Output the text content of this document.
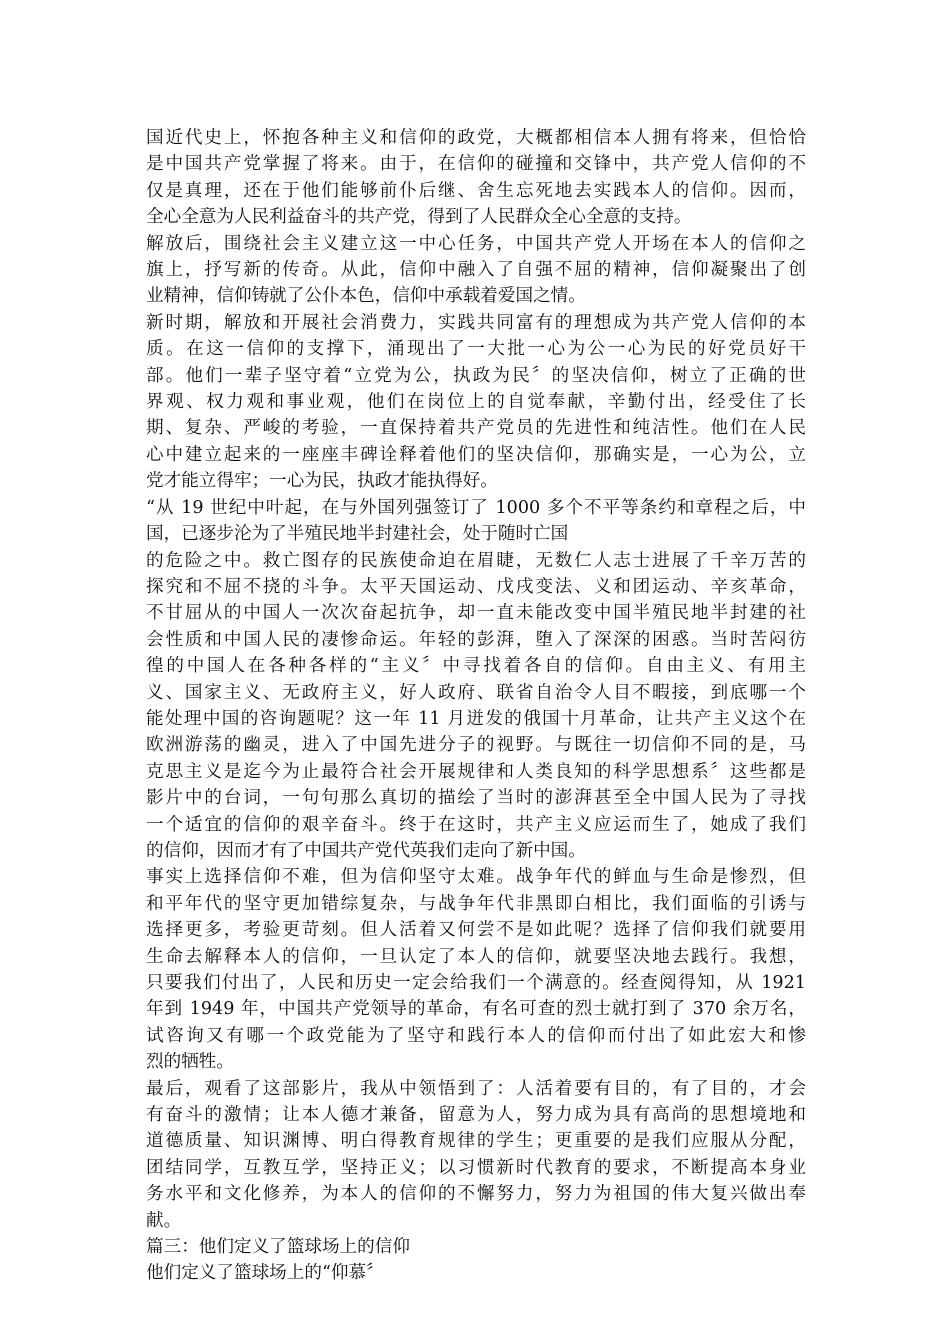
国近代史上，怀抱各种主义和信仰的政党，大概都相信本人拥有将来，但恰恰
是中国共产党掌握了将来。由于，在信仰的碰撞和交锋中，共产党人信仰的不
仅是真理，还在于他们能够前仆后继、舍生忘死地去实践本人的信仰。因而，
全心全意为人民利益奋斗的共产党，得到了人民群众全心全意的支持。
解放后，围绕社会主义建立这一中心任务，中国共产党人开场在本人的信仰之
旗上，抒写新的传奇。从此，信仰中融入了自强不屈的精神，信仰凝聚出了创
业精神，信仰铸就了公仆本色，信仰中承载着爱国之情。
新时期，解放和开展社会消费力，实践共同富有的理想成为共产党人信仰的本
质。在这一信仰的支撑下，涌现出了一大批一心为公一心为民的好党员好干
部。他们一辈子坚守着“立党为公，执政为民〞的坚决信仰，树立了正确的世
界观、权力观和事业观，他们在岗位上的自觉奉献，辛勤付出，经受住了长
期、复杂、严峻的考验，一直保持着共产党员的先进性和纯洁性。他们在人民
心中建立起来的一座座丰碑诠释着他们的坚决信仰，那确实是，一心为公，立
党才能立得牢；一心为民，执政才能执得好。
“从 19 世纪中叶起，在与外国列强签订了 1000 多个不平等条约和章程之后，中
国，已逐步沦为了半殖民地半封建社会，处于随时亡国
的危险之中。救亡图存的民族使命迫在眉睫，无数仁人志士进展了千辛万苦的
探究和不屈不挠的斗争。太平天国运动、戊戌变法、义和团运动、辛亥革命，
不甘屈从的中国人一次次奋起抗争，却一直未能改变中国半殖民地半封建的社
会性质和中国人民的凄惨命运。年轻的彭湃，堕入了深深的困惑。当时苦闷彷
徨的中国人在各种各样的“主义〞中寻找着各自的信仰。自由主义、有用主
义、国家主义、无政府主义，好人政府、联省自治令人目不暇接，到底哪一个
能处理中国的咨询题呢？这一年 11 月迸发的俄国十月革命，让共产主义这个在
欧洲游荡的幽灵，进入了中国先进分子的视野。与既往一切信仰不同的是，马
克思主义是迄今为止最符合社会开展规律和人类良知的科学思想系〞这些都是
影片中的台词，一句句那么真切的描绘了当时的澎湃甚至全中国人民为了寻找
一个适宜的信仰的艰辛奋斗。终于在这时，共产主义应运而生了，她成了我们
的信仰，因而才有了中国共产党代英我们走向了新中国。
事实上选择信仰不难，但为信仰坚守太难。战争年代的鲜血与生命是惨烈，但
和平年代的坚守更加错综复杂，与战争年代非黑即白相比，我们面临的引诱与
选择更多，考验更苛刻。但人活着又何尝不是如此呢？选择了信仰我们就要用
生命去解释本人的信仰，一旦认定了本人的信仰，就要坚决地去践行。我想，
只要我们付出了，人民和历史一定会给我们一个满意的。经查阅得知，从 1921
年到 1949 年，中国共产党领导的革命，有名可查的烈士就打到了 370 余万名，
试咨询又有哪一个政党能为了坚守和践行本人的信仰而付出了如此宏大和惨
烈的牺牲。
最后，观看了这部影片，我从中领悟到了：人活着要有目的，有了目的，才会
有奋斗的激情；让本人德才兼备，留意为人，努力成为具有高尚的思想境地和
道德质量、知识渊博、明白得教育规律的学生；更重要的是我们应服从分配，
团结同学，互教互学，坚持正义；以习惯新时代教育的要求，不断提高本身业
务水平和文化修养，为本人的信仰的不懈努力，努力为祖国的伟大复兴做出奉
献。
篇三：他们定义了篮球场上的信仰
他们定义了篮球场上的“仰慕〞
